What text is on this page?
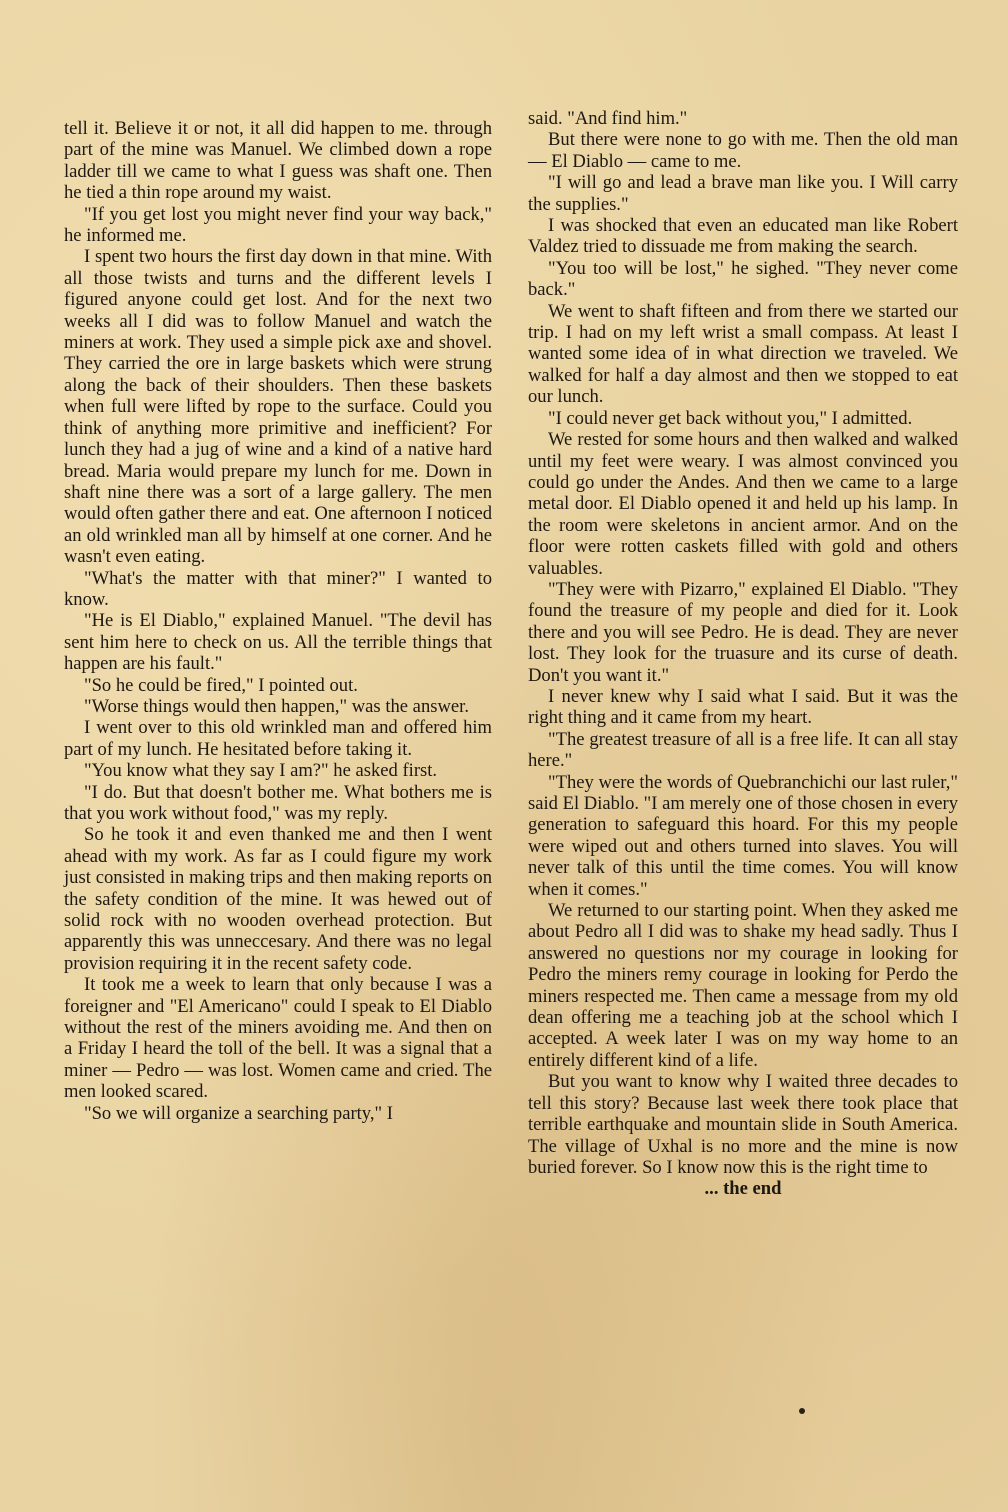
tell it. Believe it or not, it all did happen to me. through part of the mine was Manuel. We climbed down a rope ladder till we came to what I guess was shaft one. Then he tied a thin rope around my waist.

"If you get lost you might never find your way back," he informed me.

I spent two hours the first day down in that mine. With all those twists and turns and the different levels I figured anyone could get lost. And for the next two weeks all I did was to follow Manuel and watch the miners at work. They used a simple pick axe and shovel. They carried the ore in large baskets which were strung along the back of their shoulders. Then these baskets when full were lifted by rope to the surface. Could you think of anything more primitive and inefficient? For lunch they had a jug of wine and a kind of a native hard bread. Maria would prepare my lunch for me. Down in shaft nine there was a sort of a large gallery. The men would often gather there and eat. One afternoon I noticed an old wrinkled man all by himself at one corner. And he wasn't even eating.

"What's the matter with that miner?" I wanted to know.

"He is El Diablo," explained Manuel. "The devil has sent him here to check on us. All the terrible things that happen are his fault."

"So he could be fired," I pointed out.

"Worse things would then happen," was the answer.

I went over to this old wrinkled man and offered him part of my lunch. He hesitated before taking it.

"You know what they say I am?" he asked first.

"I do. But that doesn't bother me. What bothers me is that you work without food," was my reply.

So he took it and even thanked me and then I went ahead with my work. As far as I could figure my work just consisted in making trips and then making reports on the safety condition of the mine. It was hewed out of solid rock with no wooden overhead protection. But apparently this was unneccesary. And there was no legal provision requiring it in the recent safety code.

It took me a week to learn that only because I was a foreigner and "El Americano" could I speak to El Diablo without the rest of the miners avoiding me. And then on a Friday I heard the toll of the bell. It was a signal that a miner — Pedro — was lost. Women came and cried. The men looked scared.

"So we will organize a searching party," I

said. "And find him."

But there were none to go with me. Then the old man— El Diablo — came to me.

"I will go and lead a brave man like you. I Will carry the supplies."

I was shocked that even an educated man like Robert Valdez tried to dissuade me from making the search.

"You too will be lost," he sighed. "They never come back."

We went to shaft fifteen and from there we started our trip. I had on my left wrist a small compass. At least I wanted some idea of in what direction we traveled. We walked for half a day almost and then we stopped to eat our lunch.

"I could never get back without you," I admitted.

We rested for some hours and then walked and walked until my feet were weary. I was almost convinced you could go under the Andes. And then we came to a large metal door. El Diablo opened it and held up his lamp. In the room were skeletons in ancient armor. And on the floor were rotten caskets filled with gold and others valuables.

"They were with Pizarro," explained El Diablo. "They found the treasure of my people and died for it. Look there and you will see Pedro. He is dead. They are never lost. They look for the truasure and its curse of death. Don't you want it."

I never knew why I said what I said. But it was the right thing and it came from my heart.

"The greatest treasure of all is a free life. It can all stay here."

"They were the words of Quebranchichi our last ruler," said El Diablo. "I am merely one of those chosen in every generation to safeguard this hoard. For this my people were wiped out and others turned into slaves. You will never talk of this until the time comes. You will know when it comes."

We returned to our starting point. When they asked me about Pedro all I did was to shake my head sadly. Thus I answered no questions nor my courage in looking for Pedro the miners remy courage in looking for Perdo the miners respected me. Then came a message from my old dean offering me a teaching job at the school which I accepted. A week later I was on my way home to an entirely different kind of a life.

But you want to know why I waited three decades to tell this story? Because last week there took place that terrible earthquake and mountain slide in South America. The village of Uxhal is no more and the mine is now buried forever. So I know now this is the right time to

... the end
